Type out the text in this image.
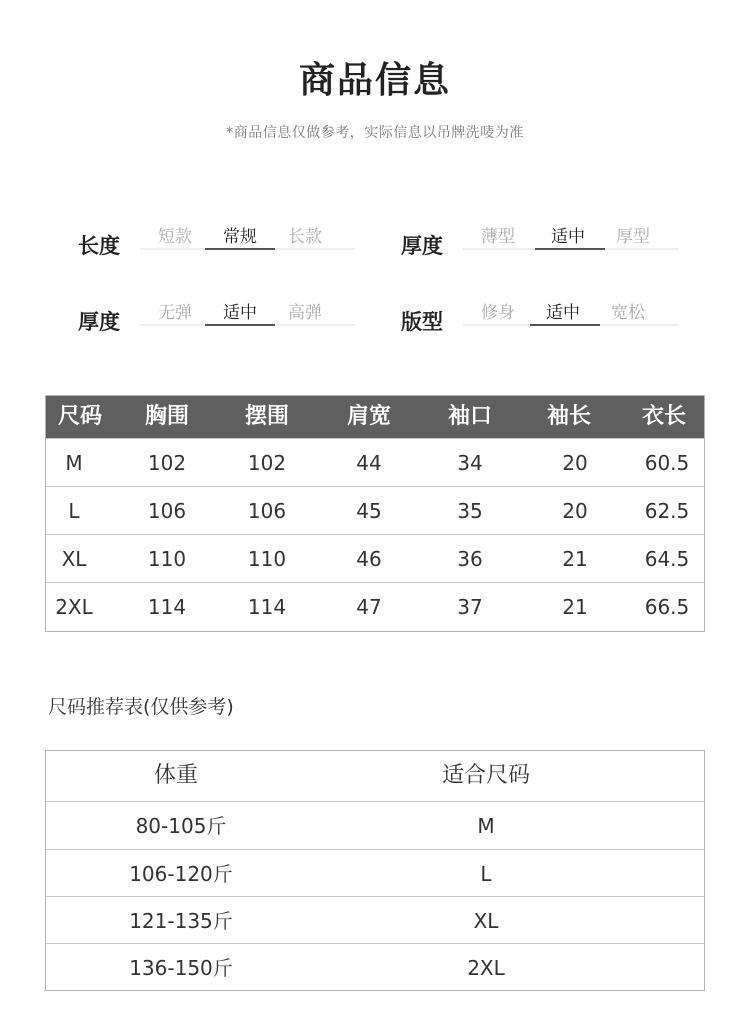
商品信息
*商品信息仅做参考，实际信息以吊牌洗唛为准
长度	短款	常规	长款	厚度	薄型	适中	厚型
厚度	无弹	适中	高弹	版型	修身	适中	宽松
尺码	胸围	摆围	肩宽	袖口	袖长	衣长
M	102	102	44	34	20	60.5
L	106	106	45	35	20	62.5
XL	110	110	46	36	21	64.5
2XL	114	114	47	37	21	66.5
尺码推荐表(仅供参考)
体重	适合尺码
80-105斤	M
106-120斤	L
121-135斤	XL
136-150斤	2XL
